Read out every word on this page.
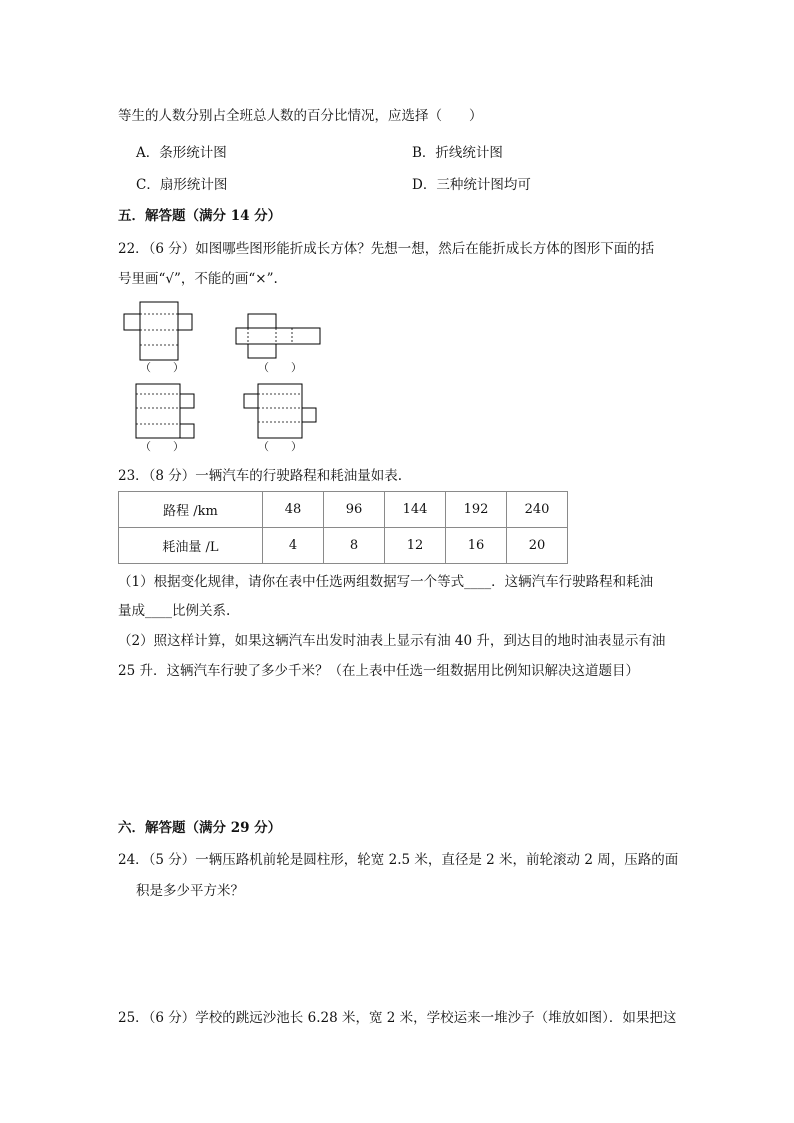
等生的人数分别占全班总人数的百分比情况，应选择（　　）
A．条形统计图	B．折线统计图
C．扇形统计图	D．三种统计图均可
五．解答题（满分 14 分）
22．（6 分）如图哪些图形能折成长方体？先想一想，然后在能折成长方体的图形下面的括
号里画“√”，不能的画“×”.
（　　）	（　　）
（　　）	（　　）
23．（8 分）一辆汽车的行驶路程和耗油量如表.
路程 /km	48	96	144	192	240
耗油量 /L	4	8	12	16	20
（1）根据变化规律，请你在表中任选两组数据写一个等式____．这辆汽车行驶路程和耗油
量成____比例关系.
（2）照这样计算，如果这辆汽车出发时油表上显示有油 40 升，到达目的地时油表显示有油
25 升．这辆汽车行驶了多少千米？（在上表中任选一组数据用比例知识解决这道题目）
六．解答题（满分 29 分）
24．（5 分）一辆压路机前轮是圆柱形，轮宽 2.5 米，直径是 2 米，前轮滚动 2 周，压路的面
积是多少平方米？
25．（6 分）学校的跳远沙池长 6.28 米，宽 2 米，学校运来一堆沙子（堆放如图）．如果把这
